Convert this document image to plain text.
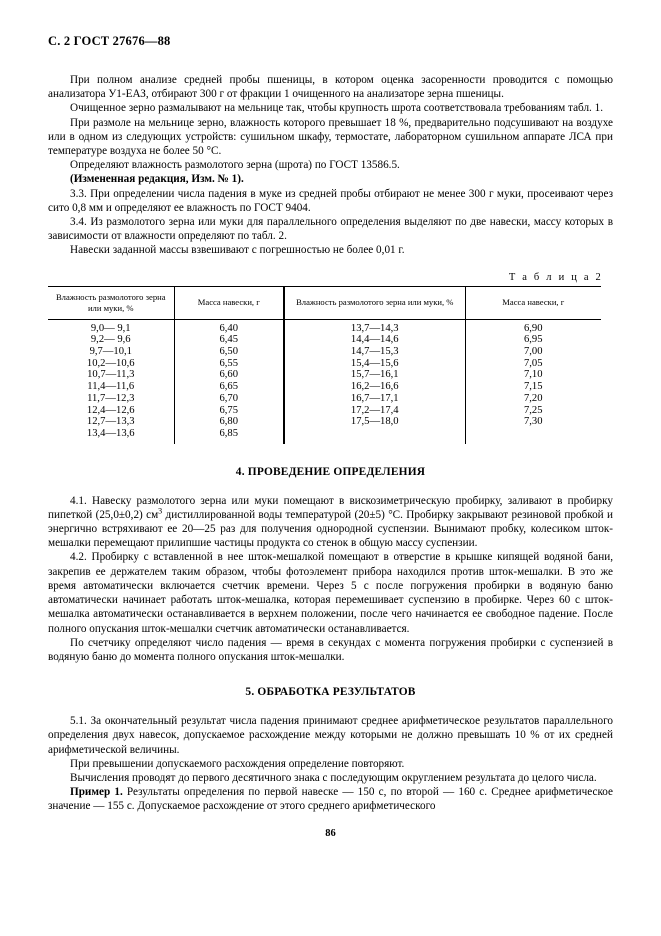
С. 2 ГОСТ 27676—88

При полном анализе средней пробы пшеницы, в котором оценка засоренности проводится с помощью анализатора У1-ЕАЗ, отбирают 300 г от фракции 1 очищенного на анализаторе зерна пшеницы.

Очищенное зерно размалывают на мельнице так, чтобы крупность шрота соответствовала требованиям табл. 1.

При размоле на мельнице зерно, влажность которого превышает 18 %, предварительно подсушивают на воздухе или в одном из следующих устройств: сушильном шкафу, термостате, лабораторном сушильном аппарате ЛСА при температуре воздуха не более 50 °С.

Определяют влажность размолотого зерна (шрота) по ГОСТ 13586.5.

(Измененная редакция, Изм. № 1).

3.3. При определении числа падения в муке из средней пробы отбирают не менее 300 г муки, просеивают через сито 0,8 мм и определяют ее влажность по ГОСТ 9404.

3.4. Из размолотого зерна или муки для параллельного определения выделяют по две навески, массу которых в зависимости от влажности определяют по табл. 2.

Навески заданной массы взвешивают с погрешностью не более 0,01 г.

Т а б л и ц а 2
Влажность размолотого зерна или муки, %	Масса навески, г	Влажность размолотого зерна или муки, %	Масса навески, г
9,0— 9,1	6,40	13,7—14,3	6,90
9,2— 9,6	6,45	14,4—14,6	6,95
9,7—10,1	6,50	14,7—15,3	7,00
10,2—10,6	6,55	15,4—15,6	7,05
10,7—11,3	6,60	15,7—16,1	7,10
11,4—11,6	6,65	16,2—16,6	7,15
11,7—12,3	6,70	16,7—17,1	7,20
12,4—12,6	6,75	17,2—17,4	7,25
12,7—13,3	6,80	17,5—18,0	7,30
13,4—13,6	6,85		
4. ПРОВЕДЕНИЕ ОПРЕДЕЛЕНИЯ

4.1. Навеску размолотого зерна или муки помещают в вискозиметрическую пробирку, заливают в пробирку пипеткой (25,0±0,2) $см^3$ дистиллированной воды температурой (20±5) °С. Пробирку закрывают резиновой пробкой и энергично встряхивают ее 20—25 раз для получения однородной суспензии. Вынимают пробку, колесиком шток-мешалки перемещают прилипшие частицы продукта со стенок в общую массу суспензии.

4.2. Пробирку с вставленной в нее шток-мешалкой помещают в отверстие в крышке кипящей водяной бани, закрепив ее держателем таким образом, чтобы фотоэлемент прибора находился против шток-мешалки. В это же время автоматически включается счетчик времени. Через 5 с после погружения пробирки в водяную баню автоматически начинает работать шток-мешалка, которая перемешивает суспензию в пробирке. Через 60 с шток-мешалка автоматически останавливается в верхнем положении, после чего начинается ее свободное падение. После полного опускания шток-мешалки счетчик автоматически останавливается.

По счетчику определяют число падения — время в секундах с момента погружения пробирки с суспензией в водяную баню до момента полного опускания шток-мешалки.

5. ОБРАБОТКА РЕЗУЛЬТАТОВ

5.1. За окончательный результат числа падения принимают среднее арифметическое результатов параллельного определения двух навесок, допускаемое расхождение между которыми не должно превышать 10 % от их средней арифметической величины.

При превышении допускаемого расхождения определение повторяют.

Вычисления проводят до первого десятичного знака с последующим округлением результата до целого числа.

Пример 1. Результаты определения по первой навеске — 150 с, по второй — 160 с. Среднее арифметическое значение — 155 с. Допускаемое расхождение от этого среднего арифметического

86
